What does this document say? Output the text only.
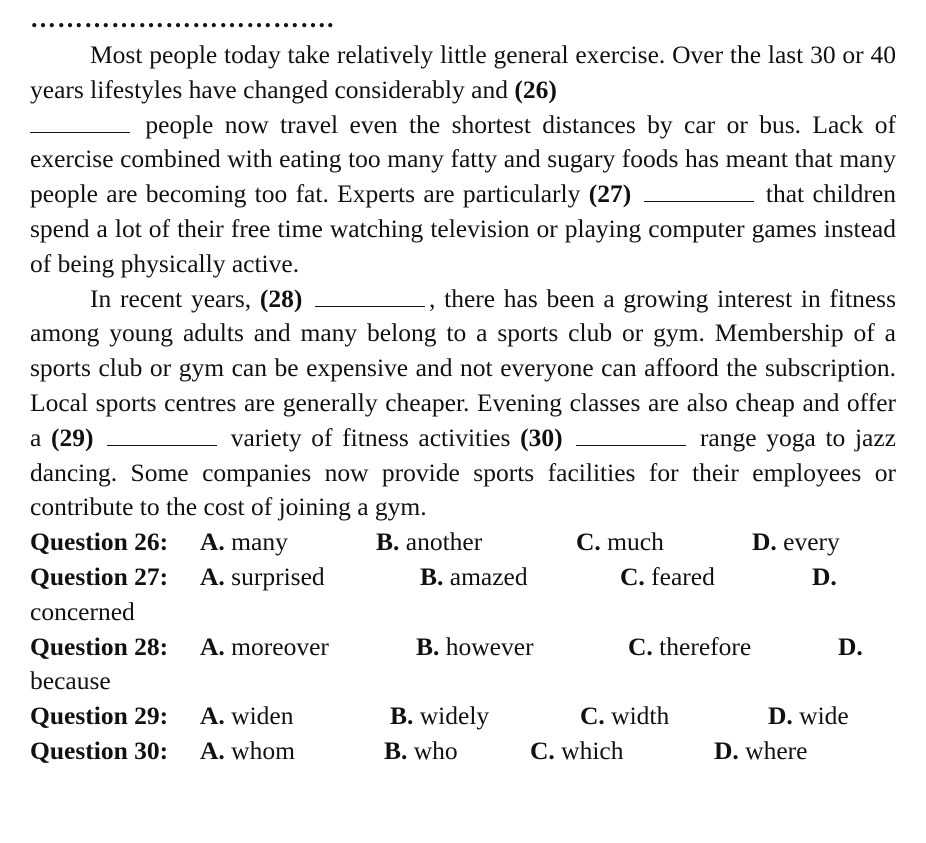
…………………………….

Most people today take relatively little general exercise. Over the last 30 or 40 years lifestyles have changed considerably and (26)
people now travel even the shortest distances by car or bus. Lack of exercise combined with eating too many fatty and sugary foods has meant that many people are becoming too fat. Experts are particularly (27)	that children spend a lot of their free time watching television or playing computer games instead of being physically active.

In recent years, (28)	, there has been a growing interest in fitness among young adults and many belong to a sports club or gym. Membership of a sports club or gym can be expensive and not everyone can affoord the subscription. Local sports centres are generally cheaper. Evening classes are also cheap and offer a (29)	variety of fitness activities (30)	range yoga to jazz dancing. Some companies now provide sports facilities for their employees or contribute to the cost of joining a gym.

Question 26: A. many	B. another	C. much	D. every
Question 27: A. surprised	B. amazed	C. feared	D.
concerned
Question 28: A. moreover	B. however	C. therefore	D.
because
Question 29: A. widen	B. widely	C. width	D. wide
Question 30: A. whom	B. who	C. which	D. where
